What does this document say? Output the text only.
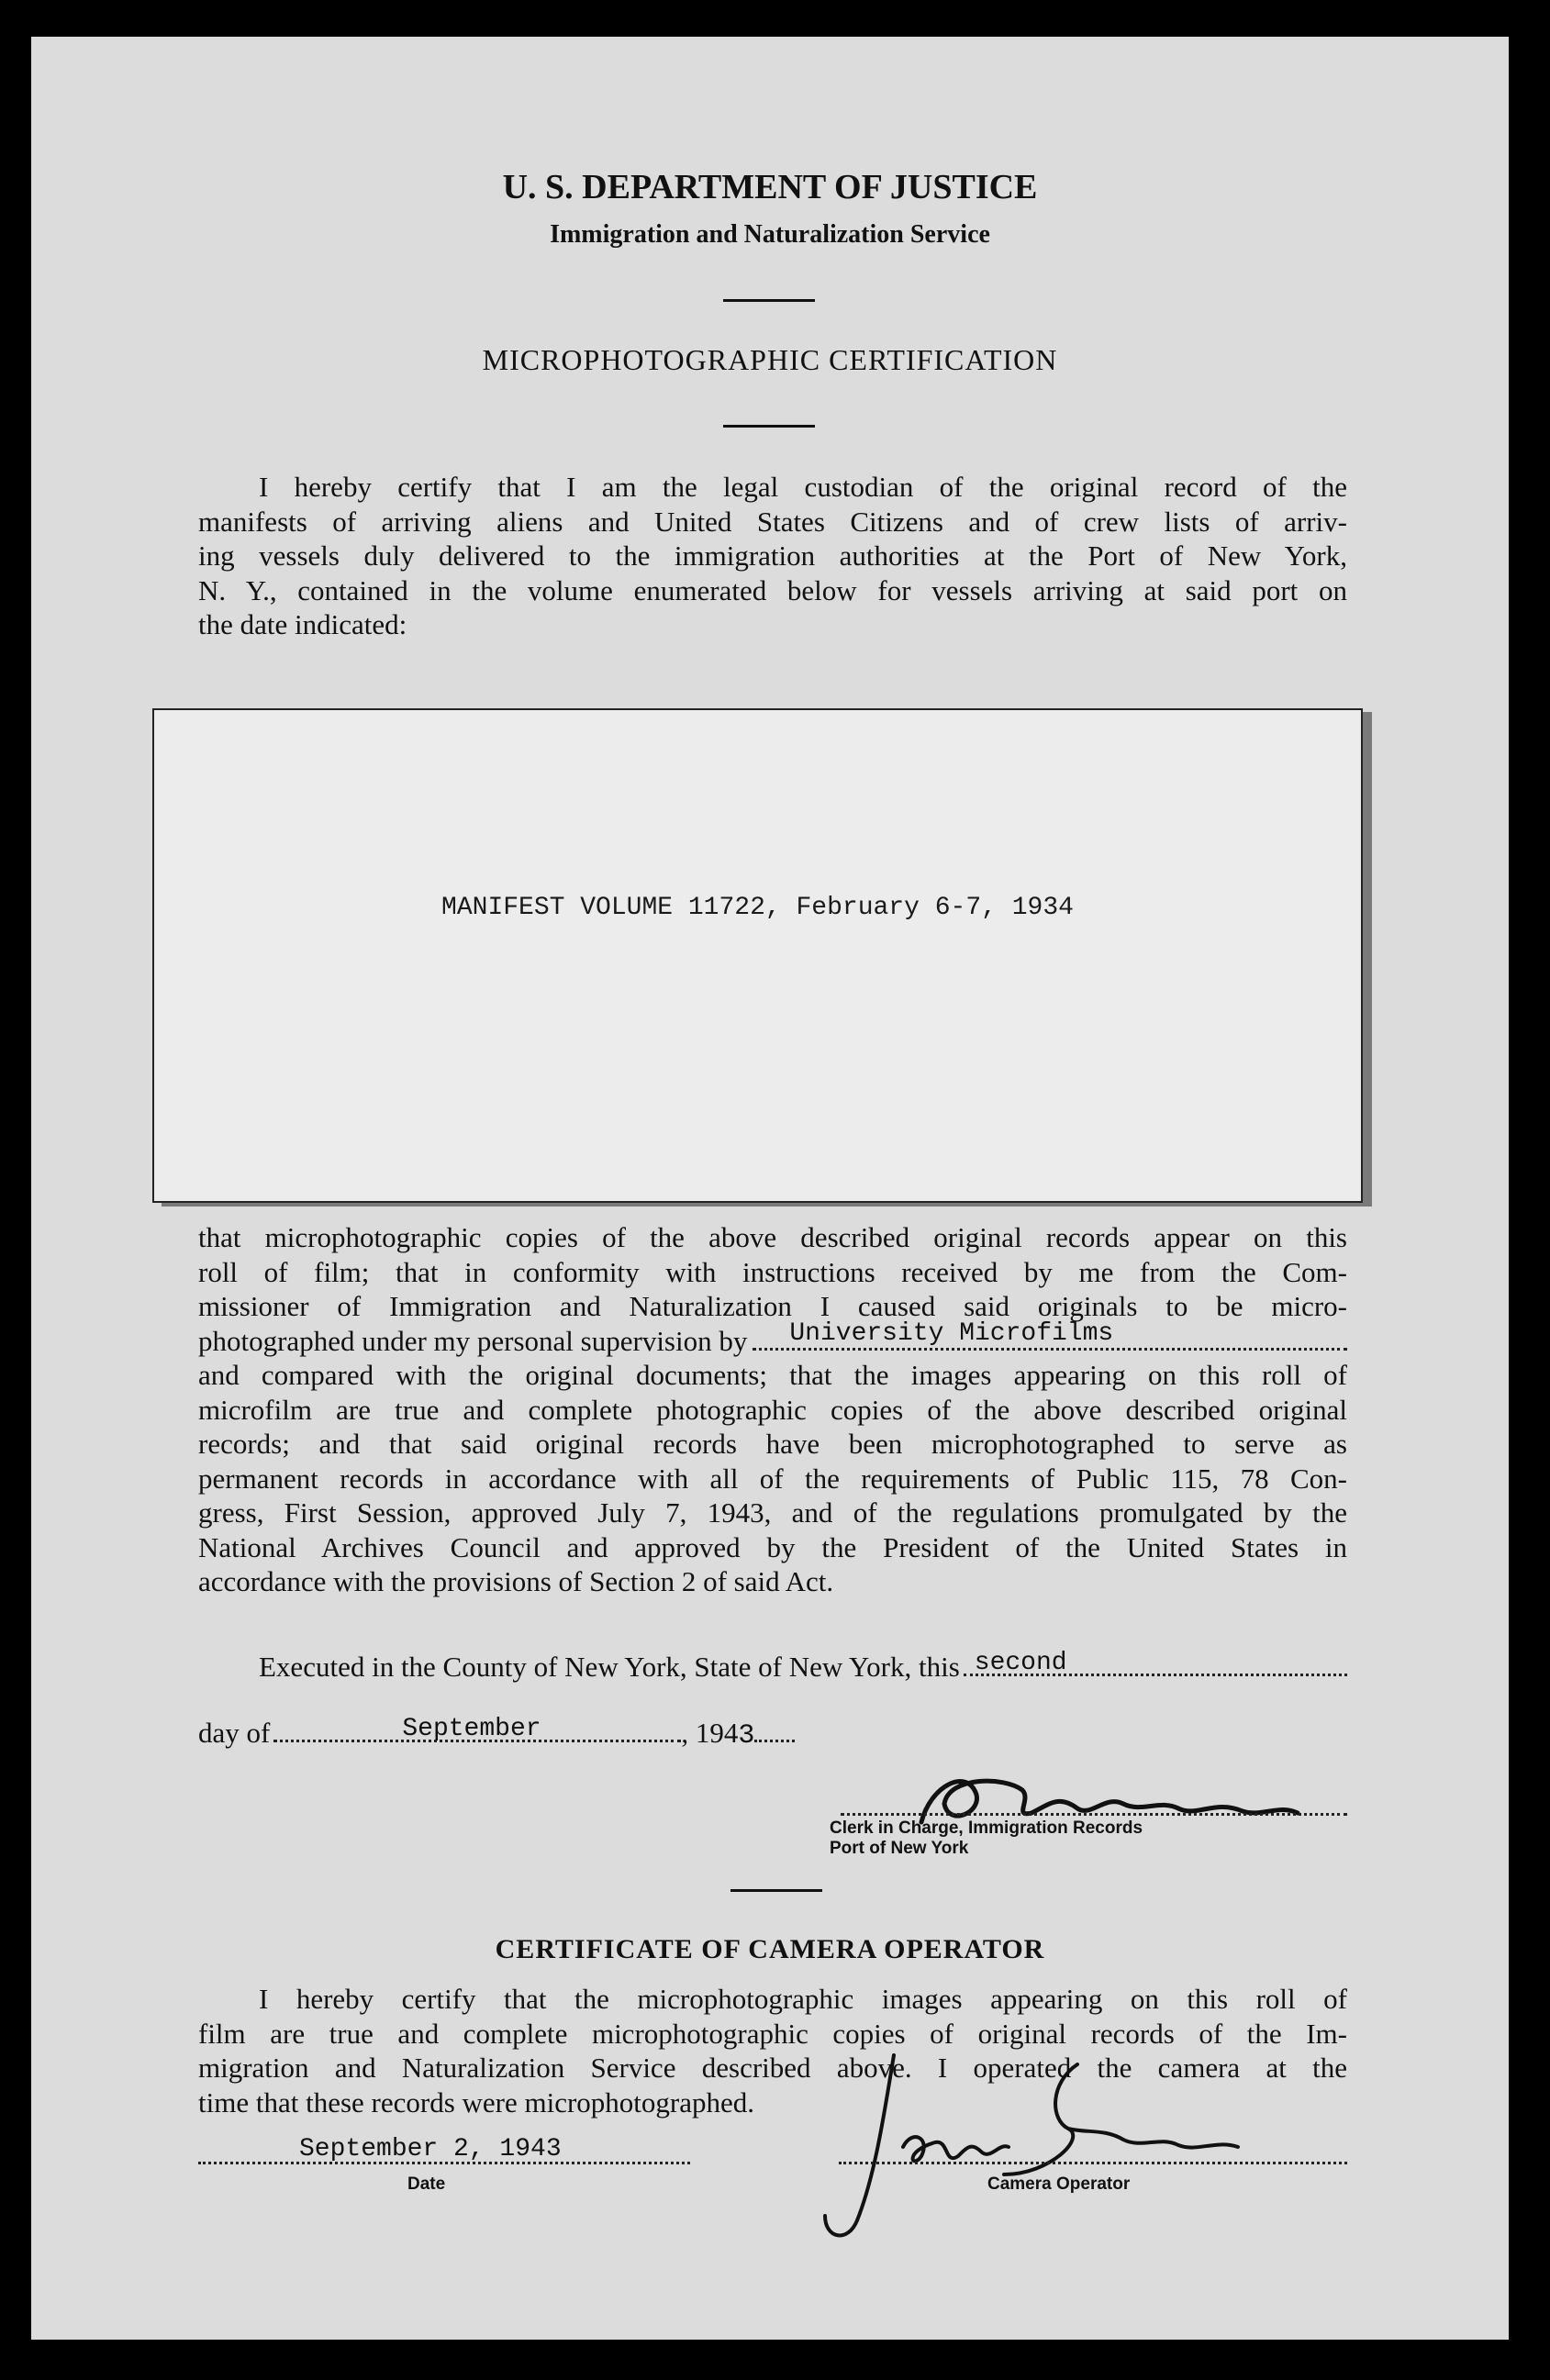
U. S. DEPARTMENT OF JUSTICE
Immigration and Naturalization Service
MICROPHOTOGRAPHIC CERTIFICATION
I hereby certify that I am the legal custodian of the original record of the
manifests of arriving aliens and United States Citizens and of crew lists of arriv-
ing vessels duly delivered to the immigration authorities at the Port of New York,
N. Y., contained in the volume enumerated below for vessels arriving at said port on
the date indicated:
MANIFEST VOLUME 11722, February 6-7, 1934
that microphotographic copies of the above described original records appear on this
roll of film; that in conformity with instructions received by me from the Com-
missioner of Immigration and Naturalization I caused said originals to be micro-
photographed under my personal supervision by University Microfilms
and compared with the original documents; that the images appearing on this roll of
microfilm are true and complete photographic copies of the above described original
records; and that said original records have been microphotographed to serve as
permanent records in accordance with all of the requirements of Public 115, 78 Con-
gress, First Session, approved July 7, 1943, and of the regulations promulgated by the
National Archives Council and approved by the President of the United States in
accordance with the provisions of Section 2 of said Act.
Executed in the County of New York, State of New York, this second
day of	September	, 194 3
Clerk in Charge, Immigration Records
Port of New York
CERTIFICATE OF CAMERA OPERATOR
I hereby certify that the microphotographic images appearing on this roll of
film are true and complete microphotographic copies of original records of the Im-
migration and Naturalization Service described above. I operated the camera at the
time that these records were microphotographed.
September 2, 1943
Date	Camera Operator
